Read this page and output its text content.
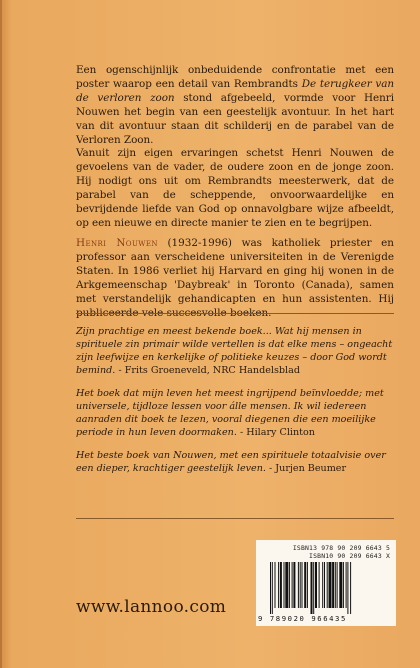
Een ogenschijnlijk onbeduidende confrontatie met een poster waarop een detail van Rembrandts De terugkeer van de verloren zoon stond afgebeeld, vormde voor Henri Nouwen het begin van een geestelijk avontuur. In het hart van dit avontuur staan dit schilderij en de parabel van de Verloren Zoon.

Vanuit zijn eigen ervaringen schetst Henri Nouwen de gevoelens van de vader, de oudere zoon en de jonge zoon. Hij nodigt ons uit om Rembrandts meesterwerk, dat de parabel van de scheppende, onvoorwaardelijke en bevrijdende liefde van God op onnavolgbare wijze afbeeldt, op een nieuwe en directe manier te zien en te begrijpen.

Henri Nouwen (1932-1996) was katholiek priester en professor aan verscheidene universiteiten in de Verenigde Staten. In 1986 verliet hij Harvard en ging hij wonen in de Arkgemeenschap 'Daybreak' in Toronto (Canada), samen met verstandelijk gehandicapten en hun assistenten. Hij publiceerde vele succesvolle boeken.

Zijn prachtige en meest bekende boek... Wat hij mensen in spirituele zin primair wilde vertellen is dat elke mens – ongeacht zijn leefwijze en kerkelijke of politieke keuzes – door God wordt bemind. - Frits Groeneveld, NRC Handelsblad

Het boek dat mijn leven het meest ingrijpend beïnvloedde; met universele, tijdloze lessen voor álle mensen. Ik wil iedereen aanraden dit boek te lezen, vooral diegenen die een moeilijke periode in hun leven doormaken. - Hilary Clinton

Het beste boek van Nouwen, met een spirituele totaalvisie over een dieper, krachtiger geestelijk leven. - Jurjen Beumer

ISBN13 978 90 209 6643 5
ISBN10 90 209 6643 X
9 789020 966435
www.lannoo.com
